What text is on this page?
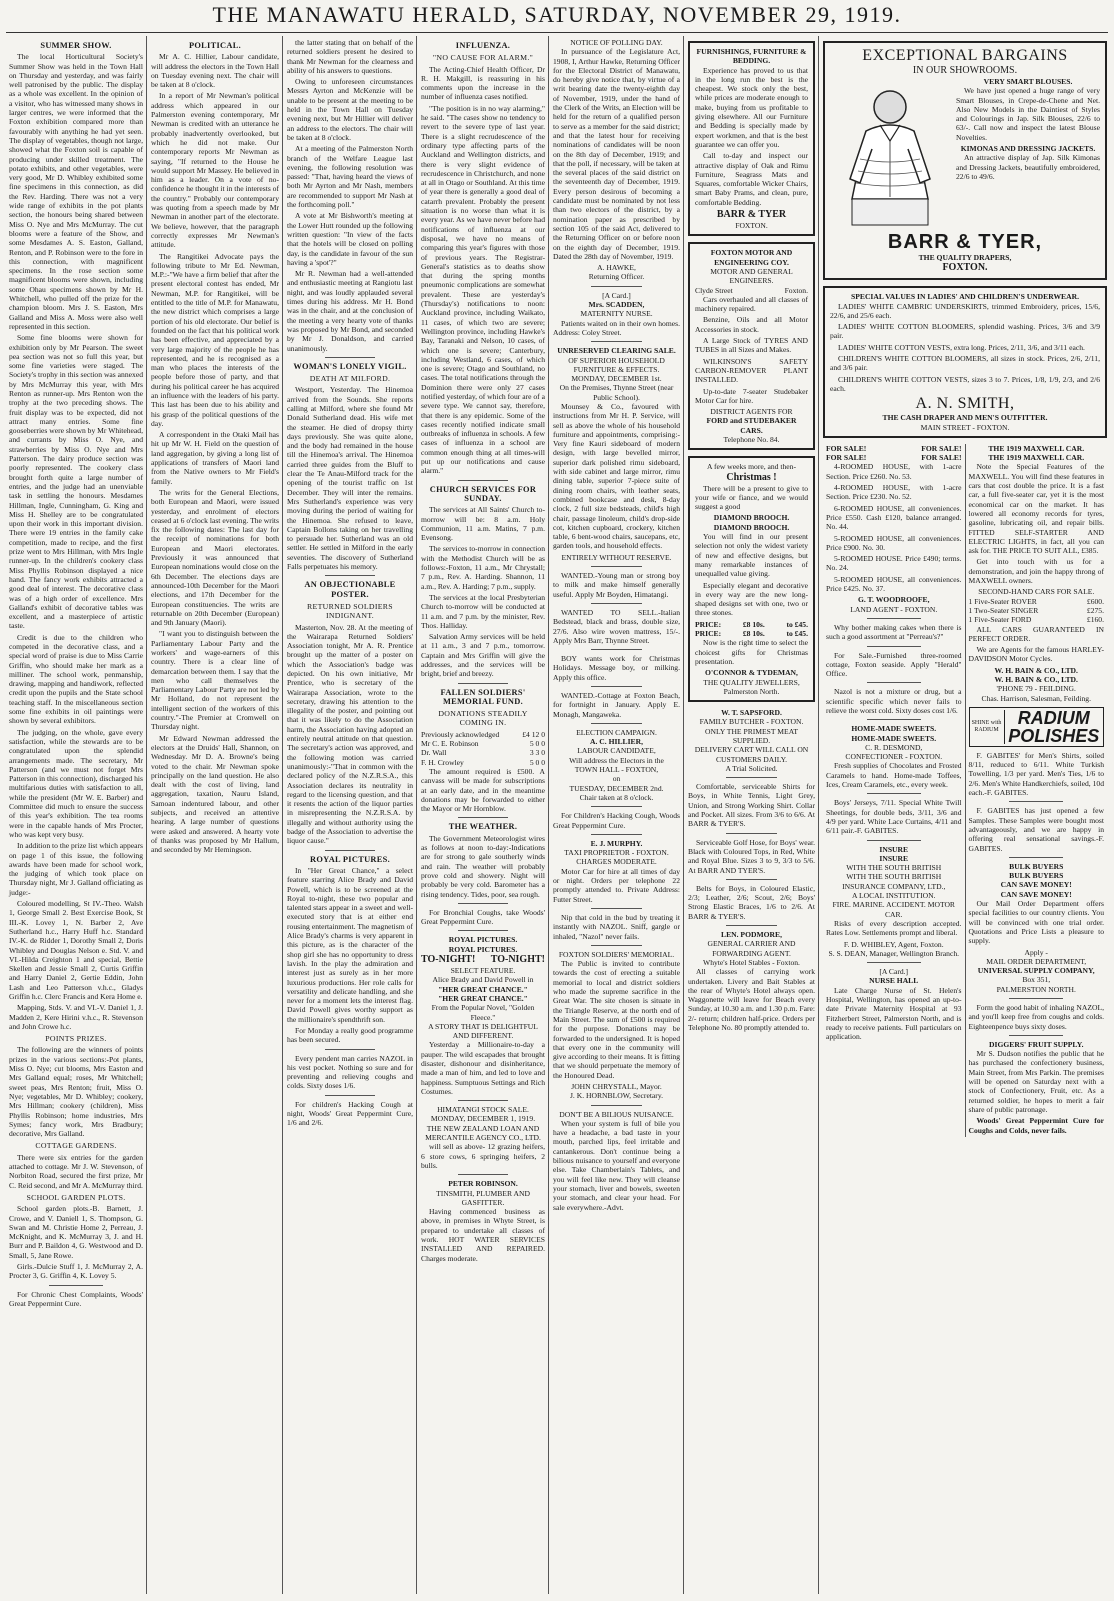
THE MANAWATU HERALD, SATURDAY, NOVEMBER 29, 1919.
SUMMER SHOW.

The local Horticultural Society's Summer Show was held in the Town Hall on Thursday and yesterday, and was fairly well patronised by the public. The display as a whole was excellent. In the opinion of a visitor, who has witnessed many shows in larger centres, we were informed that the Foxton exhibition compared more than favourably with anything he had yet seen. The display of vegetables, though not large, showed what the Foxton soil is capable of producing under skilled treatment. The potato exhibits, and other vegetables, were very good, Mr D. Whibley exhibited some fine specimens in this connection, as did the Rev. Harding. There was not a very wide range of exhibits in the pot plants section, the honours being shared between Miss O. Nye and Mrs McMurray. The cut blooms were a feature of the Show, and some Mesdames A. S. Easton, Galland, Renton, and P. Robinson were to the fore in this connection, with magnificent specimens. In the rose section some magnificent blooms were shown, including some Ohau specimens shown by Mr H. Whitchell, who pulled off the prize for the champion bloom. Mrs J. S. Easton, Mrs Galland and Miss A. Moss were also well represented in this section.

Some fine blooms were shown for exhibition only by Mr Pearson. The sweet pea section was not so full this year, but some fine varieties were staged. The Society's trophy in this section was annexed by Mrs McMurray this year, with Mrs Renton as runner-up. Mrs Renton won the trophy at the two preceding shows. The fruit display was to be expected, did not attract many entries. Some fine gooseberries were shown by Mr Whitehead, and currants by Miss O. Nye, and strawberries by Miss O. Nye and Mrs Patterson. The dairy produce section was poorly represented. The cookery class brought forth quite a large number of entries, and the judge had an unenviable task in settling the honours. Mesdames Hillman, Ingle, Cunningham, G. King and Miss H. Shelley are to be congratulated upon their work in this important division. There were 19 entries in the family cake competition, made to recipe, and the first prize went to Mrs Hillman, with Mrs Ingle runner-up. In the children's cookery class Miss Phyllis Robinson displayed a nice hand. The fancy work exhibits attracted a good deal of interest. The decorative class was of a high order of excellence. Mrs Galland's exhibit of decorative tables was excellent, and a masterpiece of artistic taste.

Credit is due to the children who competed in the decorative class, and a special word of praise is due to Miss Carrie Griffin, who should make her mark as a milliner. The school work, penmanship, drawing, mapping and handiwork, reflected credit upon the pupils and the State school teaching staff. In the miscellaneous section some fine exhibits in oil paintings were shown by several exhibitors.

The judging, on the whole, gave every satisfaction, while the stewards are to be congratulated upon the splendid arrangements made. The secretary, Mr Patterson (and we must not forget Mrs Patterson in this connection), discharged his multifarious duties with satisfaction to all, while the president (Mr W. E. Barber) and Committee did much to ensure the success of this year's exhibition. The tea rooms were in the capable hands of Mrs Procter, who was kept very busy.

In addition to the prize list which appears on page 1 of this issue, the following awards have been made for school work, the judging of which took place on Thursday night, Mr J. Galland officiating as judge:-

Coloured modelling, St IV.-Theo. Walsh 1, George Small 2. Best Exercise Book, St III.-K. Lovey 1, N. Barber 2, Ave Sutherland h.c., Harry Huff h.c. Standard IV.-K. de Ridder 1, Dorothy Small 2, Doris Whibley and Douglas Nelson e. Std. V. and VI.-Hilda Creighton 1 and special, Bettie Skellen and Jessie Small 2, Curtis Griffin and Harry Daniel 2, Gertie Eddin, John Lash and Leo Patterson v.h.c., Gladys Griffin h.c. Clerc Francis and Kera Home e.

Mapping, Stds. V. and VI.-V. Daniel 1, J. Madden 2, Kere Hirini v.h.c., R. Stevenson and John Crowe h.c.

POINTS PRIZES.

The following are the winners of points prizes in the various sections:-Pot plants, Miss O. Nye; cut blooms, Mrs Easton and Mrs Galland equal; roses, Mr Whitchell; sweet peas, Mrs Renton; fruit, Miss O. Nye; vegetables, Mr D. Whibley; cookery, Mrs Hillman; cookery (children), Miss Phyllis Robinson; home industries, Mrs Symes; fancy work, Mrs Bradbury; decorative, Mrs Galland.

COTTAGE GARDENS.

There were six entries for the garden attached to cottage. Mr J. W. Stevenson, of Norbiton Road, secured the first prize, Mr C. Reid second, and Mr A. McMurray third.

SCHOOL GARDEN PLOTS.

School garden plots.-B. Barnett, J. Crowe, and V. Daniell 1, S. Thompson, G. Swan and M. Christie Home 2, Perreau, J. McKnight, and K. McMurray 3, J. and H. Burr and P. Baildon 4, G. Westwood and D. Small, 5, Jane Rowe.

Girls.-Dulcie Stuff 1, J. McMurray 2, A. Procter 3, G. Griffin 4, K. Lovey 5.

For Chronic Chest Complaints, Woods' Great Peppermint Cure.

POLITICAL.

Mr A. C. Hillier, Labour candidate, will address the electors in the Town Hall on Tuesday evening next. The chair will be taken at 8 o'clock.

In a report of Mr Newman's political address which appeared in our Palmerston evening contemporary, Mr Newman is credited with an utterance he probably inadvertently overlooked, but which he did not make. Our contemporary reports Mr Newman as saying, "If returned to the House he would support Mr Massey. He believed in him as a leader. On a vote of no-confidence he thought it in the interests of the country." Probably our contemporary was quoting from a speech made by Mr Newman in another part of the electorate. We believe, however, that the paragraph correctly expresses Mr Newman's attitude.

The Rangitikei Advocate pays the following tribute to Mr Ed. Newman, M.P.:-"We have a firm belief that after the present electoral contest has ended, Mr Newman, M.P. for Rangitikei, will be entitled to the title of M.P. for Manawatu, the new district which comprises a large portion of his old electorate. Our belief is founded on the fact that his political work has been effective, and appreciated by a very large majority of the people he has represented, and he is recognised as a man who places the interests of the people before those of party, and that during his political career he has acquired an influence with the leaders of his party. This last has been due to his ability and his grasp of the political questions of the day.

A correspondent in the Otaki Mail has hit up Mr W. H. Field on the question of land aggregation, by giving a long list of applications of transfers of Maori land from the Native owners to Mr Field's family.

The writs for the General Elections, both European and Maori, were issued yesterday, and enrolment of electors ceased at 6 o'clock last evening. The writs fix the following dates: The last day for the receipt of nominations for both European and Maori electorates. Previously it was announced that European nominations would close on the 6th December. The elections days are announced-10th December for the Maori elections, and 17th December for the European constituencies. The writs are returnable on 20th December (European) and 9th January (Maori).

"I want you to distinguish between the Parliamentary Labour Party and the workers' and wage-earners of this country. There is a clear line of demarcation between them. I say that the men who call themselves the Parliamentary Labour Party are not led by Mr Holland, do not represent the intelligent section of the workers of this country."-The Premier at Cromwell on Thursday night.

Mr Edward Newman addressed the electors at the Druids' Hall, Shannon, on Wednesday. Mr D. A. Browne's being voted to the chair. Mr Newman spoke principally on the land question. He also dealt with the cost of living, land aggregation, taxation, Nauru Island, Samoan indentured labour, and other subjects, and received an attentive hearing. A large number of questions were asked and answered. A hearty vote of thanks was proposed by Mr Hallum, and seconded by Mr Hemingson.

the latter stating that on behalf of the returned soldiers present he desired to thank Mr Newman for the clearness and ability of his answers to questions.

Owing to unforeseen circumstances Messrs Ayrton and McKenzie will be unable to be present at the meeting to be held in the Town Hall on Tuesday evening next, but Mr Hillier will deliver an address to the electors. The chair will be taken at 8 o'clock.

At a meeting of the Palmerston North branch of the Welfare League last evening, the following resolution was passed: "That, having heard the views of both Mr Ayrton and Mr Nash, members are recommended to support Mr Nash at the forthcoming poll."

A vote at Mr Bishworth's meeting at the Lower Hutt rounded up the following written question: "In view of the facts that the hotels will be closed on polling day, is the candidate in favour of the sun having a 'spot'?"

Mr R. Newman had a well-attended and enthusiastic meeting at Rangiotu last night, and was loudly applauded several times during his address. Mr H. Bond was in the chair, and at the conclusion of the meeting a very hearty vote of thanks was proposed by Mr Bond, and seconded by Mr J. Donaldson, and carried unanimously.

WOMAN'S LONELY VIGIL.
DEATH AT MILFORD.

Westport, Yesterday. The Hinemoa arrived from the Sounds. She reports calling at Milford, where she found Mr Donald Sutherland dead. His wife met the steamer. He died of dropsy thirty days previously. She was quite alone, and the body had remained in the house till the Hinemoa's arrival. The Hinemoa carried three guides from the Bluff to clear the Te Anau-Milford track for the opening of the tourist traffic on 1st December. They will inter the remains. Mrs Sutherland's experience was very moving during the period of waiting for the Hinemoa. She refused to leave, Captain Bollons taking on her travelling to persuade her. Sutherland was an old settler. He settled in Milford in the early seventies. The discovery of Sutherland Falls perpetuates his memory.

AN OBJECTIONABLE POSTER.
RETURNED SOLDIERS INDIGNANT.

Masterton, Nov. 28. At the meeting of the Wairarapa Returned Soldiers' Association tonight, Mr A. R. Prentice brought up the matter of a poster on which the Association's badge was depicted. On his own initiative, Mr Prentice, who is secretary of the Wairarapa Association, wrote to the secretary, drawing his attention to the illegality of the poster, and pointing out that it was likely to do the Association harm, the Association having adopted an entirely neutral attitude on that question. The secretary's action was approved, and the following motion was carried unanimously:-"That in common with the declared policy of the N.Z.R.S.A., this Association declares its neutrality in regard to the licensing question, and that it resents the action of the liquor parties in misrepresenting the N.Z.R.S.A. by illegally and without authority using the badge of the Association to advertise the liquor cause."

ROYAL PICTURES.

In "Her Great Chance," a select feature starring Alice Brady and David Powell, which is to be screened at the Royal to-night, these two popular and talented stars appear in a sweet and well-executed story that is at either end rousing entertainment. The magnetism of Alice Brady's charms is very apparent in this picture, as is the character of the shop girl she has no opportunity to dress lavish. In the play the admiration and interest just as surely as in her more luxurious productions. Her role calls for versatility and delicate handling, and she never for a moment lets the interest flag. David Powell gives worthy support as the millionaire's spendthrift son.

For Monday a really good programme has been secured.

Every pendent man carries NAZOL in his vest pocket. Nothing so sure and for preventing and relieving coughs and colds. Sixty doses 1/6.

For children's Hacking Cough at night, Woods' Great Peppermint Cure, 1/6 and 2/6.

INFLUENZA.
"NO CAUSE FOR ALARM."

The Acting-Chief Health Officer, Dr R. H. Makgill, is reassuring in his comments upon the increase in the number of influenza cases notified.

"The position is in no way alarming," he said. "The cases show no tendency to revert to the severe type of last year. There is a slight recrudescence of the ordinary type affecting parts of the Auckland and Wellington districts, and there is very slight evidence of recrudescence in Christchurch, and none at all in Otago or Southland. At this time of year there is generally a good deal of catarrh prevalent. Probably the present situation is no worse than what it is every year. As we have never before had notifications of influenza at our disposal, we have no means of comparing this year's figures with those of previous years. The Registrar-General's statistics as to deaths show that during the spring months pneumonic complications are somewhat prevalent. These are yesterday's (Thursday's) notifications to noon: Auckland province, including Waikato, 11 cases, of which two are severe; Wellington province, including Hawke's Bay, Taranaki and Nelson, 10 cases, of which one is severe; Canterbury, including Westland, 6 cases, of which one is severe; Otago and Southland, no cases. The total notifications through the Dominion there were only 27 cases notified yesterday, of which four are of a severe type. We cannot say, therefore, that there is any epidemic. Some of the cases recently notified indicate small outbreaks of influenza in schools. A few cases of influenza in a school are common enough thing at all times-will put up our notifications and cause alarm."

CHURCH SERVICES FOR SUNDAY.

The services at All Saints' Church to-morrow will be: 8 a.m. Holy Communion, 11 a.m. Matins, 7 p.m. Evensong.

The services to-morrow in connection with the Methodist Church will be as follows:-Foxton, 11 a.m., Mr Chrystall; 7 p.m., Rev. A. Harding. Shannon, 11 a.m., Rev. A. Harding; 7 p.m., supply.

The services at the local Presbyterian Church to-morrow will be conducted at 11 a.m. and 7 p.m. by the minister, Rev. Thos. Halliday.

Salvation Army services will be held at 11 a.m., 3 and 7 p.m., tomorrow. Captain and Mrs Griffin will give the addresses, and the services will be bright, brief and breezy.

FALLEN SOLDIERS' MEMORIAL FUND.
DONATIONS STEADILY COMING IN.
Previously acknowledged	£4 12 0
Mr C. E. Robinson	5 0 0
Dr. Wall	3 3 0
F. H. Crowley	5 0 0

The amount required is £500. A canvass will be made for subscriptions at an early date, and in the meantime donations may be forwarded to either the Mayor or Mr Hornblow.

THE WEATHER.

The Government Meteorologist wires as follows at noon to-day:-Indications are for strong to gale southerly winds and rain. The weather will probably prove cold and showery. Night will probably be very cold. Barometer has a rising tendency. Tides, poor, sea rough.

For Bronchial Coughs, take Woods' Great Peppermint Cure.

ROYAL PICTURES.
ROYAL PICTURES.
TO-NIGHT! TO-NIGHT!
SELECT FEATURE.
Alice Brady and David Powell in
"HER GREAT CHANCE."
"HER GREAT CHANCE."
From the Popular Novel, "Golden Fleece."
A STORY THAT IS DELIGHTFUL AND DIFFERENT.

Yesterday a Millionaire-to-day a pauper. The wild escapades that brought disaster, dishonour and disinheritance, made a man of him, and led to love and happiness. Sumptuous Settings and Rich Costumes.

HIMATANGI STOCK SALE.
MONDAY, DECEMBER 1, 1919.
THE NEW ZEALAND LOAN AND MERCANTILE AGENCY CO., LTD.

will sell as above- 12 grazing heifers, 6 store cows, 6 springing heifers, 2 bulls.

PETER ROBINSON.
TINSMITH, PLUMBER AND GASFITTER.

Having commenced business as above, in premises in Whyte Street, is prepared to undertake all classes of work. HOT WATER SERVICES INSTALLED AND REPAIRED. Charges moderate.

NOTICE OF POLLING DAY.

In pursuance of the Legislature Act, 1908, I, Arthur Hawke, Returning Officer for the Electoral District of Manawatu, do hereby give notice that, by virtue of a writ bearing date the twenty-eighth day of November, 1919, under the hand of the Clerk of the Writs, an Election will be held for the return of a qualified person to serve as a member for the said district; and that the latest hour for receiving nominations of candidates will be noon on the 8th day of December, 1919; and that the poll, if necessary, will be taken at the several places of the said district on the seventeenth day of December, 1919. Every person desirous of becoming a candidate must be nominated by not less than two electors of the district, by a nomination paper as prescribed by section 105 of the said Act, delivered to the Returning Officer on or before noon on the eighth day of December, 1919. Dated the 28th day of November, 1919.

A. HAWKE,
Returning Officer.
[A Card.]
Mrs. SCADDEN,
MATERNITY NURSE.

Patients waited on in their own homes. Address: Coley Street.

UNRESERVED CLEARING SALE.
OF SUPERIOR HOUSEHOLD FURNITURE & EFFECTS.
MONDAY, DECEMBER 1st.
On the Premises, Thynne Street (near Public School).

Mounsey & Co., favoured with instructions from Mr H. P. Service, will sell as above the whole of his household furniture and appointments, comprising:- Very fine Kauri sideboard of modern design, with large bevelled mirror, superior dark polished rimu sideboard, with side cabinet and large mirror, rimu dining table, superior 7-piece suite of dining room chairs, with leather seats, combined bookcase and desk, 8-day clock, 2 full size bedsteads, child's high chair, passage linoleum, child's drop-side cot, kitchen cupboard, crockery, kitchen table, 6 bent-wood chairs, saucepans, etc, garden tools, and household effects.

ENTIRELY WITHOUT RESERVE.

WANTED.-Young man or strong boy to milk and make himself generally useful. Apply Mr Boyden, Himatangi.

WANTED TO SELL.-Italian Bedstead, black and brass, double size, 27/6. Also wire woven mattress, 15/-. Apply Mrs Barr, Thynne Street.

BOY wants work for Christmas Holidays. Message boy, or milking. Apply this office.

WANTED.-Cottage at Foxton Beach, for fortnight in January. Apply E. Monagh, Mangaweka.

ELECTION CAMPAIGN.
A. C. HILLIER,
LABOUR CANDIDATE,
Will address the Electors in the
TOWN HALL - FOXTON,
on
TUESDAY, DECEMBER 2nd.
Chair taken at 8 o'clock.

For Children's Hacking Cough, Woods Great Peppermint Cure.

E. J. MURPHY.
TAXI PROPRIETOR - FOXTON.
CHARGES MODERATE.

Motor Car for hire at all times of day or night. Orders per telephone 22 promptly attended to. Private Address: Futter Street.

Nip that cold in the bud by treating it instantly with NAZOL. Sniff, gargle or inhaled, "Nazol" never fails.

FOXTON SOLDIERS' MEMORIAL.

The Public is invited to contribute towards the cost of erecting a suitable memorial to local and district soldiers who made the supreme sacrifice in the Great War. The site chosen is situate in the Triangle Reserve, at the north end of Main Street. The sum of £500 is required for the purpose. Donations may be forwarded to the undersigned. It is hoped that every one in the community will give according to their means. It is fitting that we should perpetuate the memory of the Honoured Dead.

JOHN CHRYSTALL, Mayor.
J. K. HORNBLOW, Secretary.
DON'T BE A BILIOUS NUISANCE.

When your system is full of bile you have a headache, a bad taste in your mouth, parched lips, feel irritable and cantankerous. Don't continue being a bilious nuisance to yourself and everyone else. Take Chamberlain's Tablets, and you will feel like new. They will cleanse your stomach, liver and bowels, sweeten your stomach, and clear your head. For sale everywhere.-Advt.

FURNISHINGS, FURNITURE & BEDDING.

Experience has proved to us that in the long run the best is the cheapest. We stock only the best, while prices are moderate enough to make, buying from us profitable to giving elsewhere. All our Furniture and Bedding is specially made by expert workmen, and that is the best guarantee we can offer you.

Call to-day and inspect our attractive display of Oak and Rimu Furniture, Seagrass Mats and Squares, comfortable Wicker Chairs, smart Baby Prams, and clean, pure, comfortable Bedding.

BARR & TYER
FOXTON.
FOXTON MOTOR AND ENGINEERING COY.
MOTOR AND GENERAL ENGINEERS.
Clyde Street	Foxton.

Cars overhauled and all classes of machinery repaired.

Benzine, Oils and all Motor Accessories in stock.

A Large Stock of TYRES AND TUBES in all Sizes and Makes.

WILKINSON'S SAFETY CARBON-REMOVER PLANT INSTALLED.

Up-to-date 7-seater Studebaker Motor Car for hire.

DISTRICT AGENTS FOR
FORD and STUDEBAKER CARS.
Telephone No. 84.
A few weeks more, and then-
Christmas !

There will be a present to give to your wife or fiance, and we would suggest a good

DIAMOND BROOCH.
DIAMOND BROOCH.

You will find in our present selection not only the widest variety of new and effective designs, but many remarkable instances of unequalled value giving.

Especially elegant and decorative in every way are the new long-shaped designs set with one, two or three stones.

PRICE:	£8 10s.	to £45.
PRICE:	£8 10s.	to £45.

Now is the right time to select the choicest gifts for Christmas presentation.

O'CONNOR & TYDEMAN,
THE QUALITY JEWELLERS,
Palmerston North.
W. T. SAPSFORD.
FAMILY BUTCHER - FOXTON.
ONLY THE PRIMEST MEAT SUPPLIED.
DELIVERY CART WILL CALL ON CUSTOMERS DAILY.
A Trial Solicited.

Comfortable, serviceable Shirts for Boys, in White Tennis, Light Grey, Union, and Strong Working Shirt. Collar and Pocket. All sizes. From 3/6 to 6/6. At BARR & TYER'S.

Serviceable Golf Hose, for Boys' wear. Black with Coloured Tops, in Red, White and Royal Blue. Sizes 3 to 9, 3/3 to 5/6. At BARR AND TYER'S.

Belts for Boys, in Coloured Elastic, 2/3; Leather, 2/6; Scout, 2/6; Boys' Strong Elastic Braces, 1/6 to 2/6. At BARR & TYER'S.

LEN. PODMORE,
GENERAL CARRIER AND FORWARDING AGENT.
Whyte's Hotel Stables - Foxton.

All classes of carrying work undertaken. Livery and Bait Stables at the rear of Whyte's Hotel always open. Waggonette will leave for Beach every Sunday, at 10.30 a.m. and 1.30 p.m. Fare: 2/- return; children half-price. Orders per Telephone No. 80 promptly attended to.

EXCEPTIONAL BARGAINS
IN OUR SHOWROOMS.
VERY SMART BLOUSES.

We have just opened a huge range of very Smart Blouses, in Crepe-de-Chene and Net. Also New Models in the Daintiest of Styles and Colourings in Jap. Silk Blouses, 22/6 to 63/-. Call now and inspect the latest Blouse Novelties.

KIMONAS AND DRESSING JACKETS.

An attractive display of Jap. Silk Kimonas and Dressing Jackets, beautifully embroidered, 22/6 to 49/6.

BARR & TYER,
THE QUALITY DRAPERS,
FOXTON.
SPECIAL VALUES IN LADIES' AND CHILDREN'S UNDERWEAR.

LADIES' WHITE CAMBRIC UNDERSKIRTS, trimmed Embroidery, prices, 15/6, 22/6, and 25/6 each.

LADIES' WHITE COTTON BLOOMERS, splendid washing. Prices, 3/6 and 3/9 pair.

LADIES' WHITE COTTON VESTS, extra long. Prices, 2/11, 3/6, and 3/11 each.

CHILDREN'S WHITE COTTON BLOOMERS, all sizes in stock. Prices, 2/6, 2/11, and 3/6 pair.

CHILDREN'S WHITE COTTON VESTS, sizes 3 to 7. Prices, 1/8, 1/9, 2/3, and 2/6 each.

A. N. SMITH,
THE CASH DRAPER AND MEN'S OUTFITTER.
MAIN STREET - FOXTON.
FOR SALE!	FOR SALE!
FOR SALE!	FOR SALE!

4-ROOMED HOUSE, with 1-acre Section. Price £260. No. 53.

4-ROOMED HOUSE, with 1-acre Section. Price £230. No. 52.

6-ROOMED HOUSE, all conveniences. Price £550. Cash £120, balance arranged. No. 44.

5-ROOMED HOUSE, all conveniences. Price £900. No. 30.

5-ROOMED HOUSE. Price £490; terms. No. 24.

5-ROOMED HOUSE, all conveniences. Price £425. No. 37.

G. T. WOODROOFE,
LAND AGENT - FOXTON.

Why bother making cakes when there is such a good assortment at "Perreau's?"

For Sale.-Furnished three-roomed cottage, Foxton seaside. Apply "Herald" Office.

Nazol is not a mixture or drug, but a scientific specific which never fails to relieve the worst cold. Sixty doses cost 1/6.

HOME-MADE SWEETS.
HOME-MADE SWEETS.
C. R. DESMOND,
CONFECTIONER - FOXTON.

Fresh supplies of Chocolates and Frosted Caramels to hand. Home-made Toffees, Ices, Cream Caramels, etc., every week.

Boys' Jerseys, 7/11. Special White Twill Sheetings, for double beds, 3/11, 3/6 and 4/9 per yard. White Lace Curtains, 4/11 and 6/11 pair.-F. GABITES.

INSURE
INSURE
WITH THE SOUTH BRITISH
WITH THE SOUTH BRITISH
INSURANCE COMPANY, LTD.,
A LOCAL INSTITUTION.
FIRE. MARINE. ACCIDENT. MOTOR CAR.

Risks of every description accepted. Rates Low. Settlements prompt and liberal.

F. D. WHIBLEY, Agent, Foxton.
S. S. DEAN, Manager, Wellington Branch.
[A Card.]
NURSE HALL

Late Charge Nurse of St. Helen's Hospital, Wellington, has opened an up-to-date Private Maternity Hospital at 93 Fitzherbert Street, Palmerston North, and is ready to receive patients. Full particulars on application.

THE 1919 MAXWELL CAR.
THE 1919 MAXWELL CAR.

Note the Special Features of the MAXWELL. You will find these features in cars that cost double the price. It is a fast car, a full five-seater car, yet it is the most economical car on the market. It has lowered all economy records for tyres, gasoline, lubricating oil, and repair bills. FITTED SELF-STARTER AND ELECTRIC LIGHTS, in fact, all you can ask for. THE PRICE TO SUIT ALL, £385.

Get into touch with us for a demonstration, and join the happy throng of MAXWELL owners.

SECOND-HAND CARS FOR SALE.
1 Five-Seater ROVER	£600.
1 Two-Seater SINGER	£275.
1 Five-Seater FORD	£160.

ALL CARS GUARANTEED IN PERFECT ORDER.

We are Agents for the famous HARLEY-DAVIDSON Motor Cycles.

W. H. BAIN & CO., LTD.
W. H. BAIN & CO., LTD.
'PHONE 79 - FEILDING.
Chas. Harrison, Salesman, Feilding.
SHINE with RADIUM
RADIUM POLISHES

F. GABITES' for Men's Shirts, soiled 8/11, reduced to 6/11. White Turkish Towelling, 1/3 per yard. Men's Ties, 1/6 to 2/6. Men's White Handkerchiefs, soiled, 10d each.-F. GABITES.

F. GABITES has just opened a few Samples. These Samples were bought most advantageously, and we are happy in offering real sensational savings.-F. GABITES.

BULK BUYERS
BULK BUYERS
CAN SAVE MONEY!
CAN SAVE MONEY!

Our Mail Order Department offers special facilities to our country clients. You will be convinced with one trial order. Quotations and Price Lists a pleasure to supply.

Apply -
MAIL ORDER DEPARTMENT,
UNIVERSAL SUPPLY COMPANY,
Box 351,
PALMERSTON NORTH.

Form the good habit of inhaling NAZOL, and you'll keep free from coughs and colds. Eighteenpence buys sixty doses.

DIGGERS' FRUIT SUPPLY.

Mr S. Dudson notifies the public that he has purchased the confectionery business, Main Street, from Mrs Parkin. The premises will be opened on Saturday next with a stock of Confectionery, Fruit, etc. As a returned soldier, he hopes to merit a fair share of public patronage.

Woods' Great Peppermint Cure for Coughs and Colds, never fails.
